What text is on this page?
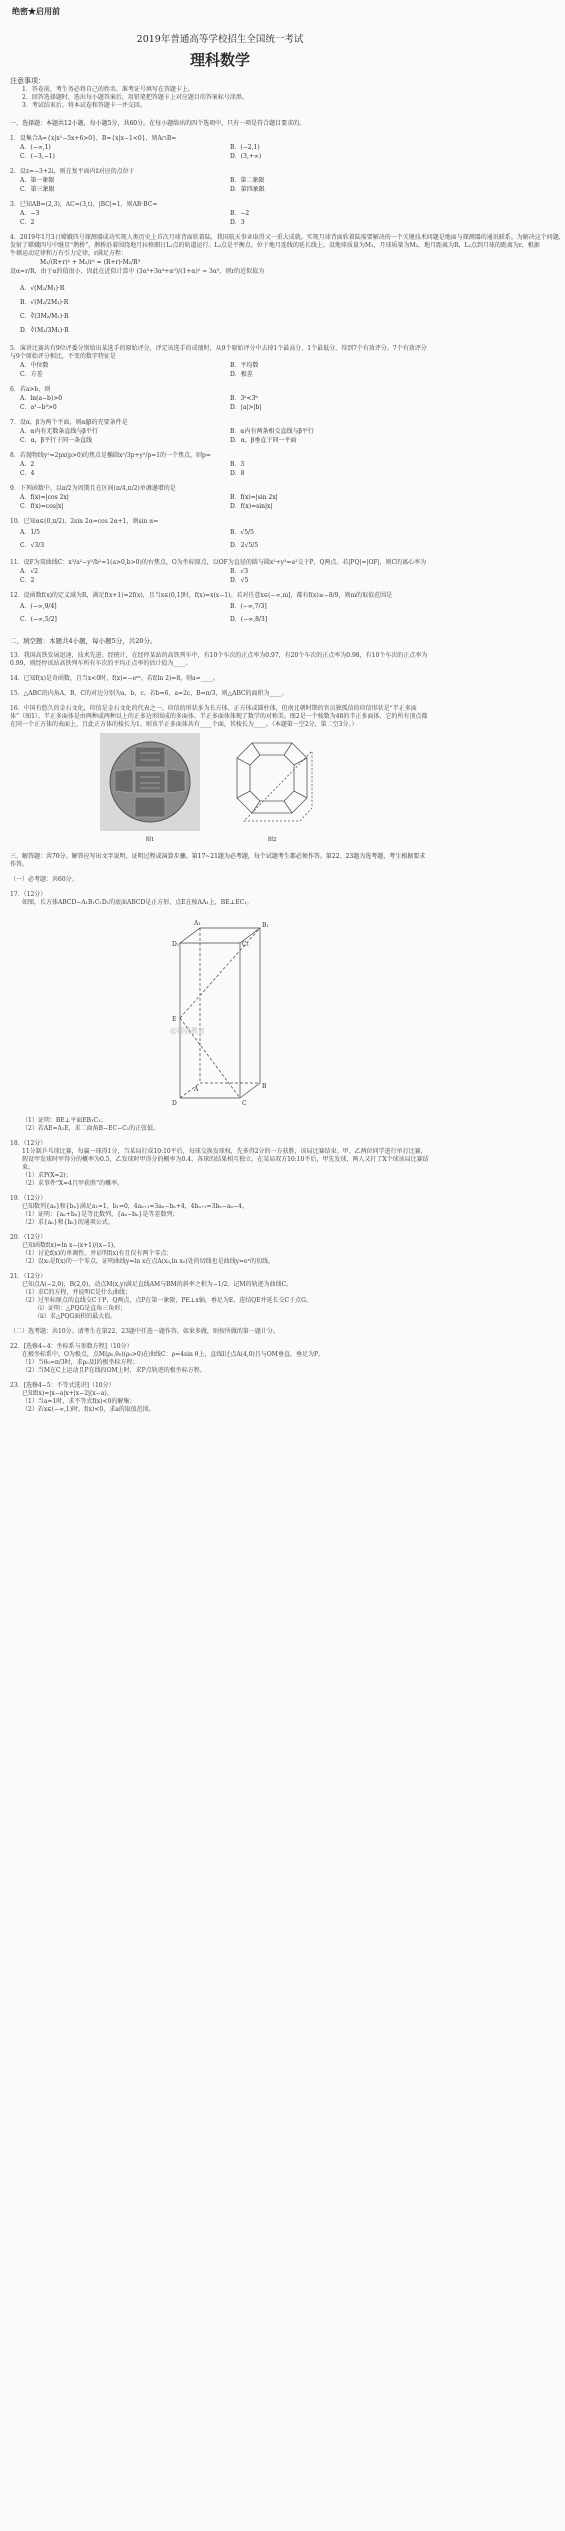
绝密★启用前
2019年普通高等学校招生全国统一考试
理科数学
注意事项：
1．答卷前，考生务必将自己的姓名、准考证号填写在答题卡上。
2．回答选择题时，选出每小题答案后，用铅笔把答题卡上对应题目的答案标号涂黑。
3．考试结束后，将本试卷和答题卡一并交回。
一、选择题：本题共12小题，每小题5分，共60分。在每小题给出的四个选项中，只有一项是符合题目要求的。
1．设集合A={x|x²−5x+6>0}，B={x|x−1<0}，则A∩B=
A．(−∞,1)	B．(−2,1)
C．(−3,−1)	D．(3,+∞)
2．设z=−3+2i，则在复平面内z̄对应的点位于
A．第一象限	B．第二象限
C．第三象限	D．第四象限
3．已知AB=(2,3)，AC=(3,t)，|BC|=1，则AB·BC=
A．−3	B．−2
C．2	D．3
4．2019年1月3日嫦娥四号探测器成功实现人类历史上首次月球背面软着陆，我国航天事业取得又一重大成就。实现月球背面软着陆需要解决的一个关键技术问题是地面与探测器的通讯联系。为解决这个问题，
发射了嫦娥四号中继星“鹊桥”，鹊桥沿着围绕地月拉格朗日L₂点的轨道运行。L₂点是平衡点，位于地月连线的延长线上。设地球质量为M₁，月球质量为M₂，地月距离为R，L₂点到月球的距离为r，根据
牛顿运动定律和万有引力定律，r满足方程：
M₁/(R+r)² + M₂/r² = (R+r)·M₁/R³
设α=r/R，由于α的值很小，因此在近似计算中 (3α³+3α⁴+α⁵)/(1+α)² ≈ 3α³，则r的近似值为
A．√(M₂/M₁)·R
B．√(M₂/2M₁)·R
C．∛(3M₂/M₁)·R
D．∛(M₂/3M₁)·R
5．演讲比赛共有9位评委分别给出某选手的原始评分，评定该选手的成绩时，从9个原始评分中去掉1个最高分、1个最低分，得到7个有效评分。7个有效评分与9个原始评分相比，不变的数字特征是
A．中位数	B．平均数
C．方差	D．极差
6．若a>b，则
A．ln(a−b)>0	B．3ᵃ<3ᵇ
C．a³−b³>0	D．|a|>|b|
7．设α，β为两个平面，则α∥β的充要条件是
A．α内有无数条直线与β平行	B．α内有两条相交直线与β平行
C．α，β平行于同一条直线	D．α，β垂直于同一平面
8．若抛物线y²=2px(p>0)的焦点是椭圆x²/3p+y²/p=1的一个焦点，则p=
A．2	B．3
C．4	D．8
9．下列函数中，以π/2为周期且在区间(π/4,π/2)单调递增的是
A．f(x)=|cos 2x|	B．f(x)=|sin 2x|
C．f(x)=cos|x|	D．f(x)=sin|x|
10．已知α∈(0,π/2)，2sin 2α=cos 2α+1，则sin α=
A．1/5	B．√5/5
C．√3/3	D．2√5/5
11．设F为双曲线C：x²/a²−y²/b²=1(a>0,b>0)的右焦点，O为坐标原点，以OF为直径的圆与圆x²+y²=a²交于P，Q两点。若|PQ|=|OF|，则C的离心率为
A．√2	B．√3
C．2	D．√5
12．设函数f(x)的定义域为R，满足f(x+1)=2f(x)，且当x∈(0,1]时，f(x)=x(x−1)。若对任意x∈(−∞,m]，都有f(x)≥−8/9，则m的取值范围是
A．(−∞,9/4]	B．(−∞,7/3]
C．(−∞,5/2]	D．(−∞,8/3]
二、填空题：本题共4小题，每小题5分，共20分。
13．我国高铁发展迅速，技术先进。经统计，在经停某站的高铁列车中，有10个车次的正点率为0.97，有20个车次的正点率为0.98，有10个车次的正点率为0.99，则经停该站高铁列车所有车次的平均正点率的估计值为____。
14．已知f(x)是奇函数，且当x<0时，f(x)=−eᵃˣ。若f(ln 2)=8，则a=____。
15．△ABC的内角A，B，C的对边分别为a，b，c。若b=6，a=2c，B=π/3，则△ABC的面积为____。
16．中国有悠久的金石文化，印信是金石文化的代表之一。印信的形状多为长方体、正方体或圆柱体，但南北朝时期的官员独孤信的印信形状是“半正多面体”（图1）。半正多面体是由两种或两种以上的正多边形围成的多面体。半正多面体体现了数学的对称美。图2是一个棱数为48的半正多面体，它的所有顶点都在同一个正方体的表面上，且此正方体的棱长为1。则该半正多面体共有____个面，其棱长为____。（本题第一空2分，第二空3分。）
图1	图2
三、解答题：共70分。解答应写出文字说明、证明过程或演算步骤。第17~21题为必考题，每个试题考生都必须作答。第22、23题为选考题，考生根据要求作答。
（一）必考题：共60分。
17．（12分）
如图，长方体ABCD−A₁B₁C₁D₁的底面ABCD是正方形，点E在棱AA₁上，BE⊥EC₁。
D₁	C₁
B₁
A₁
E
D	C
B
A
（1）证明：BE⊥平面EB₁C₁；
（2）若AE=A₁E，求二面角B−EC−C₁的正弦值。
18．（12分）
11分制乒乓球比赛，每赢一球得1分，当某局打成10:10平后，每球交换发球权，先多得2分的一方获胜，该局比赛结束。甲、乙两位同学进行单打比赛，假设甲发球时甲得分的概率为0.5，乙发球时甲得分的概率为0.4，各球的结果相互独立。在某局双方10:10平后，甲先发球，两人又打了X个球该局比赛结束。
（1）求P(X=2)；
（2）求事件“X=4且甲获胜”的概率。
19．（12分）
已知数列{aₙ}和{bₙ}满足a₁=1，b₁=0，4aₙ₊₁=3aₙ−bₙ+4，4bₙ₊₁=3bₙ−aₙ−4。
（1）证明：{aₙ+bₙ}是等比数列，{aₙ−bₙ}是等差数列；
（2）求{aₙ}和{bₙ}的通项公式。
20．（12分）
已知函数f(x)=ln x−(x+1)/(x−1)。
（1）讨论f(x)的单调性，并证明f(x)有且仅有两个零点；
（2）设x₀是f(x)的一个零点，证明曲线y=ln x在点A(x₀,ln x₀)处的切线也是曲线y=eˣ的切线。
21．（12分）
已知点A(−2,0)，B(2,0)，动点M(x,y)满足直线AM与BM的斜率之积为−1/2。记M的轨迹为曲线C。
（1）求C的方程，并说明C是什么曲线；
（2）过坐标原点的直线交C于P，Q两点，点P在第一象限，PE⊥x轴，垂足为E，连结QE并延长交C于点G。
（i）证明：△PQG是直角三角形；
（ii）求△PQG面积的最大值。
（二）选考题：共10分。请考生在第22、23题中任选一题作答。如果多做，则按所做的第一题计分。
22．[选修4−4：坐标系与参数方程]（10分）
在极坐标系中，O为极点，点M(ρ₀,θ₀)(ρ₀>0)在曲线C：ρ=4sin θ上，直线l过点A(4,0)且与OM垂直，垂足为P。
（1）当θ₀=π/3时，求ρ₀及l的极坐标方程；
（2）当M在C上运动且P在线段OM上时，求P点轨迹的极坐标方程。
23．[选修4−5：不等式选讲]（10分）
已知f(x)=|x−a|x+|x−2|(x−a)。
（1）当a=1时，求不等式f(x)<0的解集；
（2）若x∈(−∞,1)时，f(x)<0，求a的取值范围。
@搜狐教育
